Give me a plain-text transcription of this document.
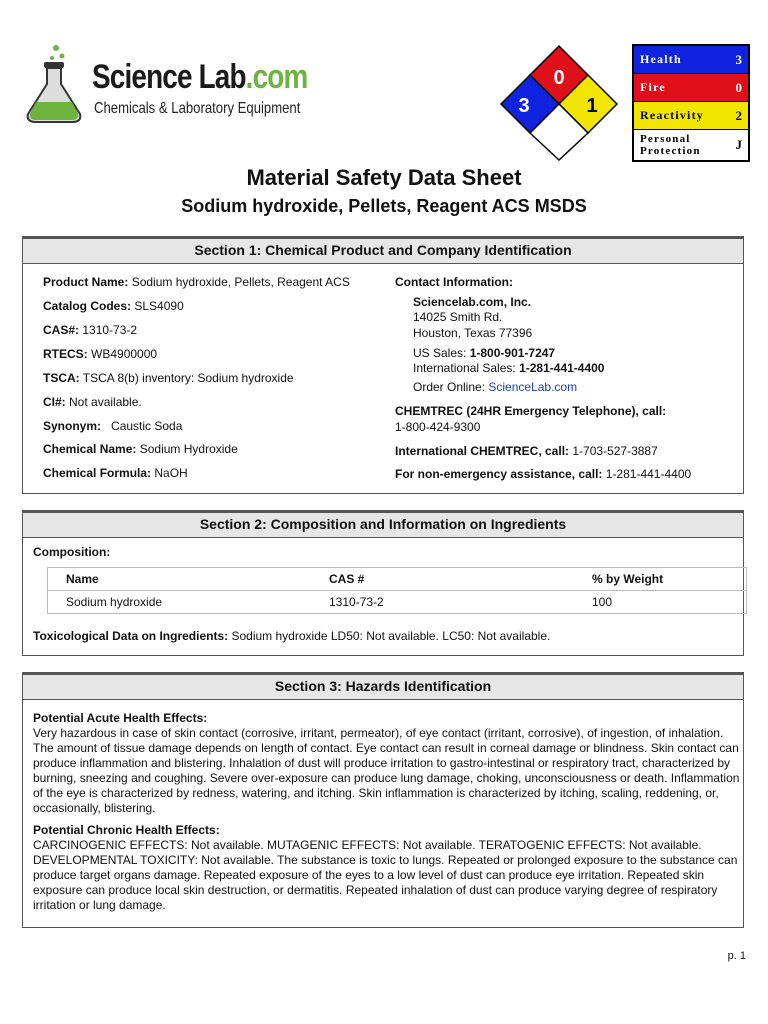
Science Lab.com
Chemicals & Laboratory Equipment
0
3	1
Health	3
Fire	0
Reactivity 2
Personal
Protection	J
Material Safety Data Sheet
Sodium hydroxide, Pellets, Reagent ACS MSDS
Section 1: Chemical Product and Company Identification
Product Name: Sodium hydroxide, Pellets, Reagent ACS
Catalog Codes: SLS4090
CAS#: 1310-73-2
RTECS: WB4900000
TSCA: TSCA 8(b) inventory: Sodium hydroxide
CI#: Not available.
Synonym: Caustic Soda
Chemical Name: Sodium Hydroxide
Chemical Formula: NaOH
Contact Information:
Sciencelab.com, Inc.
14025 Smith Rd.
Houston, Texas 77396
US Sales: 1-800-901-7247
International Sales: 1-281-441-4400
Order Online: ScienceLab.com
CHEMTREC (24HR Emergency Telephone), call:
1-800-424-9300
International CHEMTREC, call: 1-703-527-3887
For non-emergency assistance, call: 1-281-441-4400
Section 2: Composition and Information on Ingredients
Composition:
Name	CAS #	% by Weight
Sodium hydroxide	1310-73-2	100
Toxicological Data on Ingredients: Sodium hydroxide LD50: Not available. LC50: Not available.
Section 3: Hazards Identification
Potential Acute Health Effects:
Very hazardous in case of skin contact (corrosive, irritant, permeator), of eye contact (irritant, corrosive), of ingestion, of inhalation. The amount of tissue damage depends on length of contact. Eye contact can result in corneal damage or blindness. Skin contact can produce inflammation and blistering. Inhalation of dust will produce irritation to gastro-intestinal or respiratory tract, characterized by burning, sneezing and coughing. Severe over-exposure can produce lung damage, choking, unconsciousness or death. Inflammation of the eye is characterized by redness, watering, and itching. Skin inflammation is characterized by itching, scaling, reddening, or, occasionally, blistering.
Potential Chronic Health Effects:
CARCINOGENIC EFFECTS: Not available. MUTAGENIC EFFECTS: Not available. TERATOGENIC EFFECTS: Not available. DEVELOPMENTAL TOXICITY: Not available. The substance is toxic to lungs. Repeated or prolonged exposure to the substance can produce target organs damage. Repeated exposure of the eyes to a low level of dust can produce eye irritation. Repeated skin exposure can produce local skin destruction, or dermatitis. Repeated inhalation of dust can produce varying degree of respiratory irritation or lung damage.
p. 1
